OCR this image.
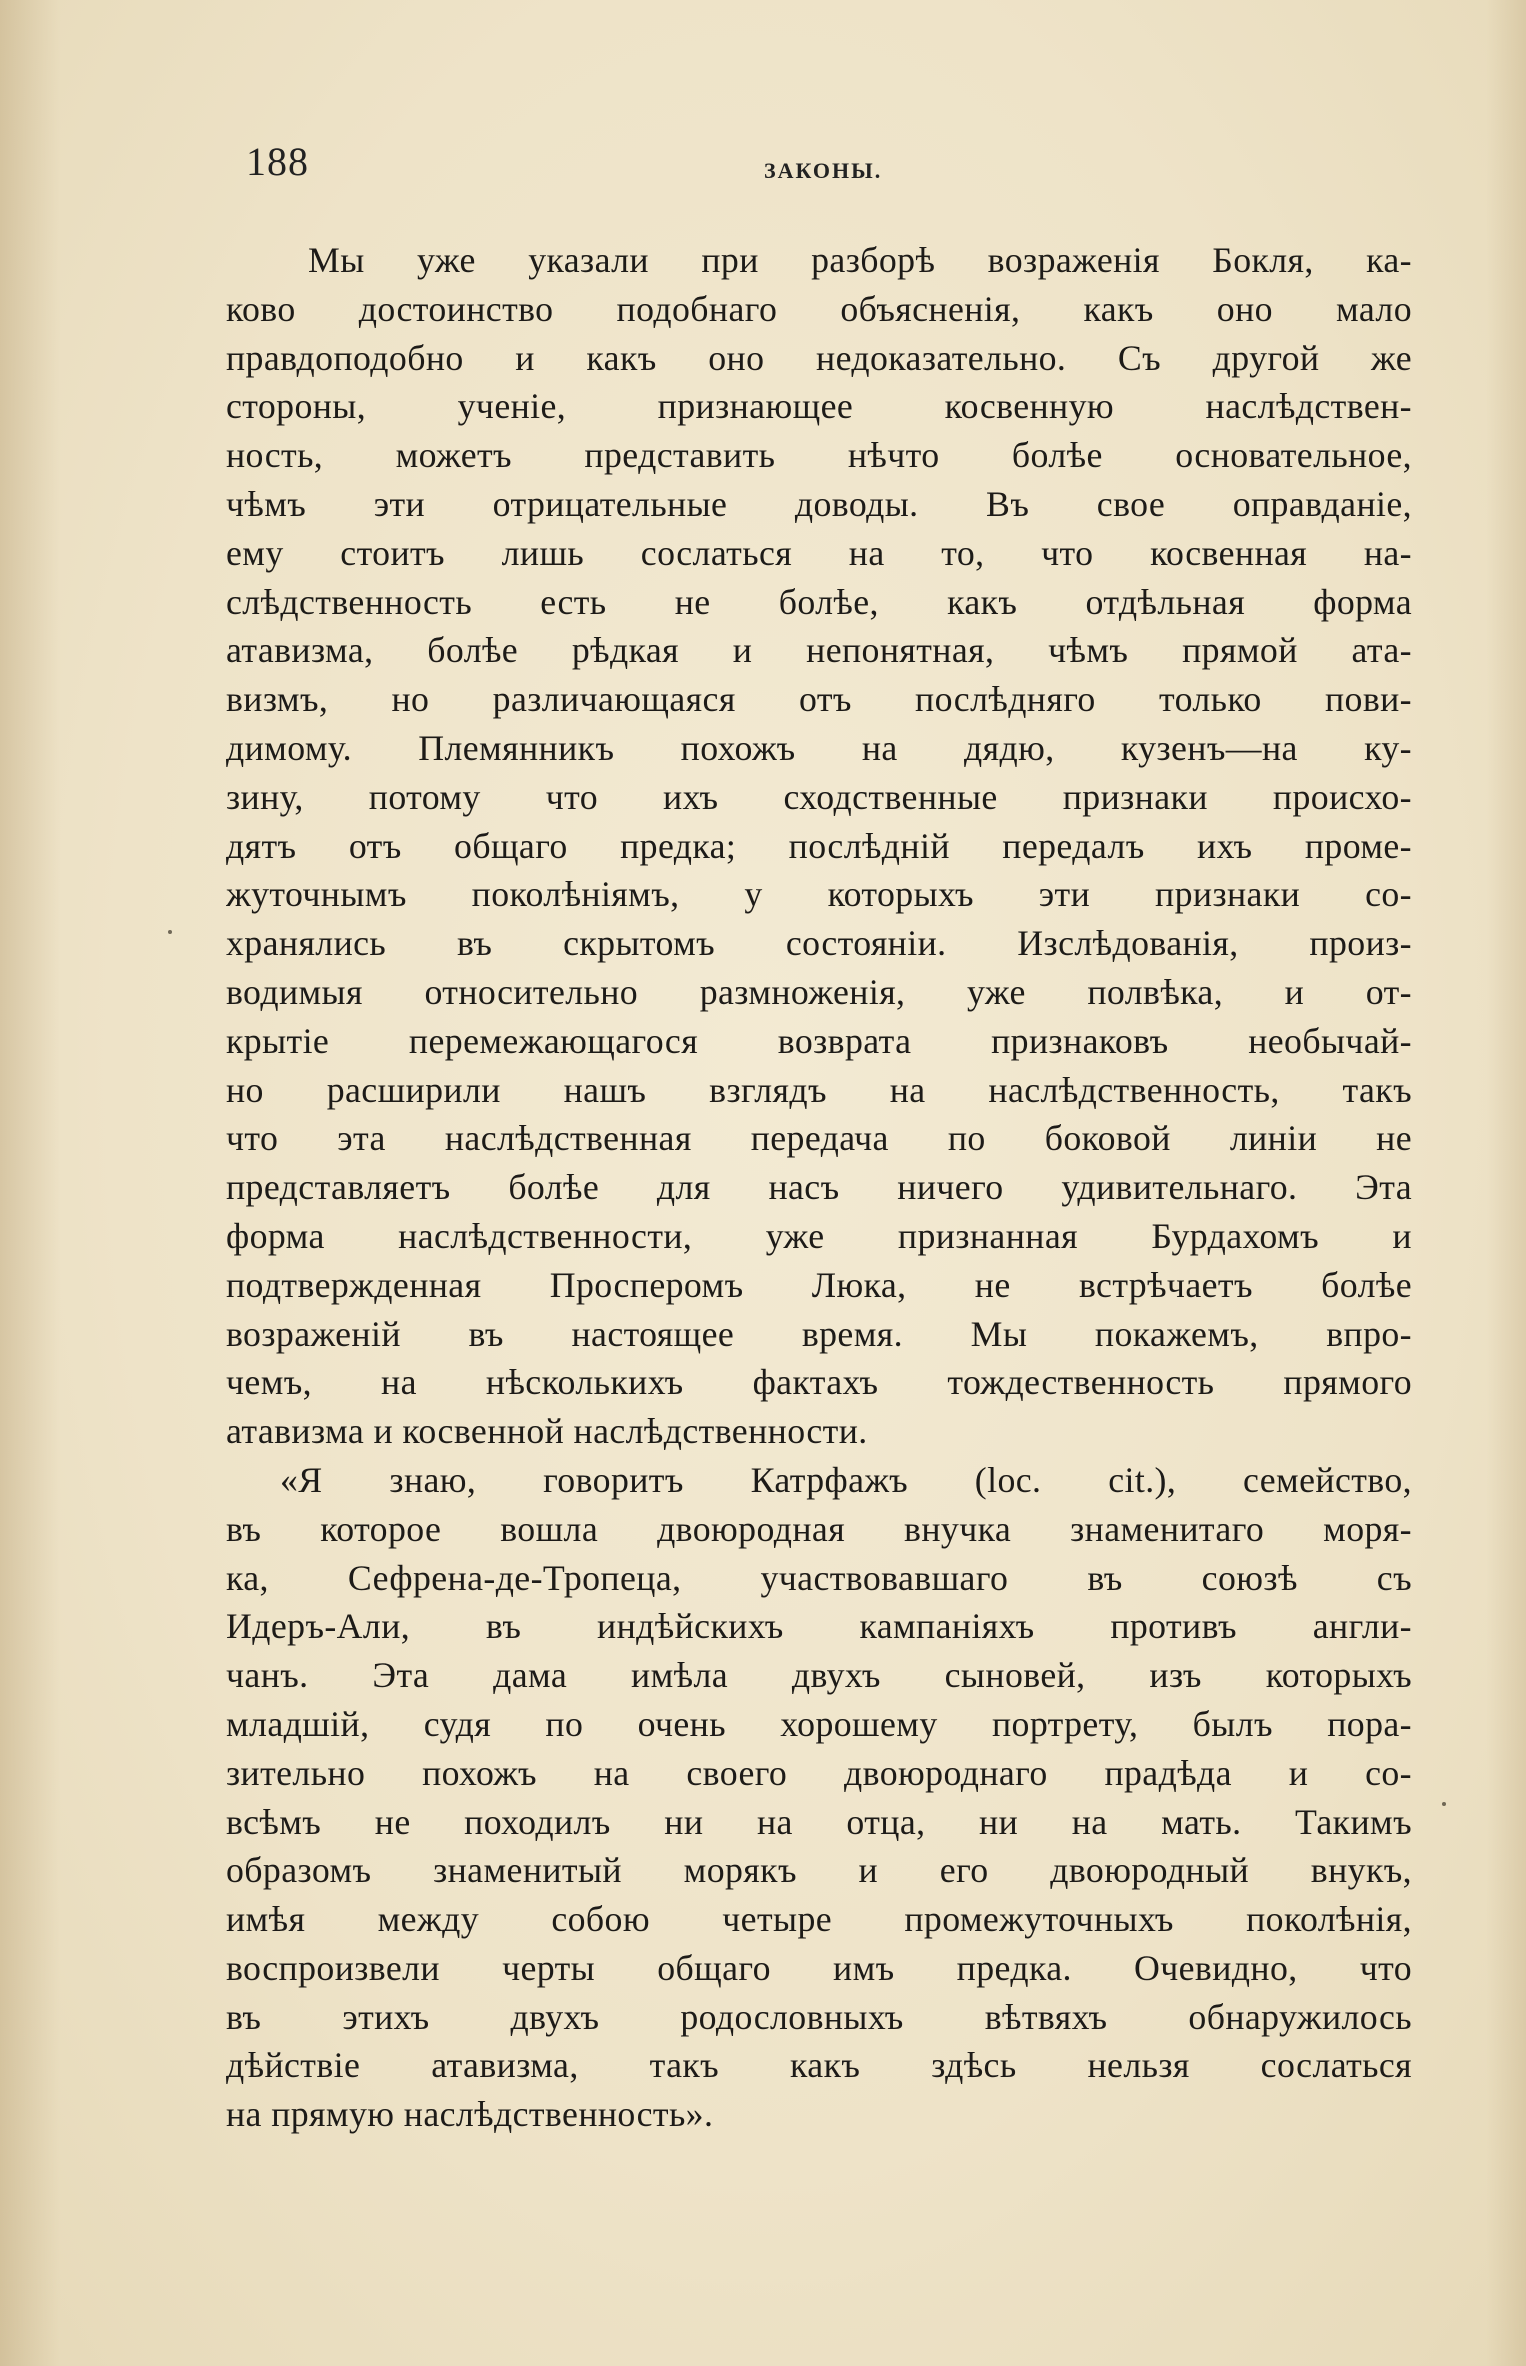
188	ЗАКОНЫ.
Мы уже указали при разборѣ возраженія Бокля, ка-
ково достоинство подобнаго объясненія, какъ оно мало
правдоподобно и какъ оно недоказательно. Съ другой же
стороны, ученіе, признающее косвенную наслѣдствен-
ность, можетъ представить нѣчто болѣе основательное,
чѣмъ эти отрицательные доводы. Въ свое оправданіе,
ему стоитъ лишь сослаться на то, что косвенная на-
слѣдственность есть не болѣе, какъ отдѣльная форма
атавизма, болѣе рѣдкая и непонятная, чѣмъ прямой ата-
визмъ, но различающаяся отъ послѣдняго только пови-
димому. Племянникъ похожъ на дядю, кузенъ—на ку-
зину, потому что ихъ сходственные признаки происхо-
дятъ отъ общаго предка; послѣдній передалъ ихъ проме-
жуточнымъ поколѣніямъ, у которыхъ эти признаки со-
хранялись въ скрытомъ состояніи. Изслѣдованія, произ-
водимыя относительно размноженія, уже полвѣка, и от-
крытіе перемежающагося возврата признаковъ необычай-
но расширили нашъ взглядъ на наслѣдственность, такъ
что эта наслѣдственная передача по боковой линіи не
представляетъ болѣе для насъ ничего удивительнаго. Эта
форма наслѣдственности, уже признанная Бурдахомъ и
подтвержденная Проспepомъ Люка, не встрѣчаетъ болѣе
возраженій въ настоящее время. Мы покажемъ, впро-
чемъ, на нѣсколькихъ фактахъ тождественность прямого
атавизма и косвенной наслѣдственности.
«Я знаю, говоритъ Катрфажъ (loc. cit.), семейство,
въ которое вошла двоюродная внучка знаменитаго моря-
ка, Сефрена-де-Тропеца, участвовавшаго въ союзѣ съ
Идеръ-Али, въ индѣйскихъ кампаніяхъ противъ англи-
чанъ. Эта дама имѣла двухъ сыновей, изъ которыхъ
младшій, судя по очень хорошему портрету, былъ пора-
зительно похожъ на своего двоюроднаго прадѣда и со-
всѣмъ не походилъ ни на отца, ни на мать. Такимъ
образомъ знаменитый морякъ и его двоюродный внукъ,
имѣя между собою четыре промежуточныхъ поколѣнія,
воспроизвели черты общаго имъ предка. Очевидно, что
въ этихъ двухъ родословныхъ вѣтвяхъ обнаружилось
дѣйствіе атавизма, такъ какъ здѣсь нельзя сослаться
на прямую наслѣдственность».
